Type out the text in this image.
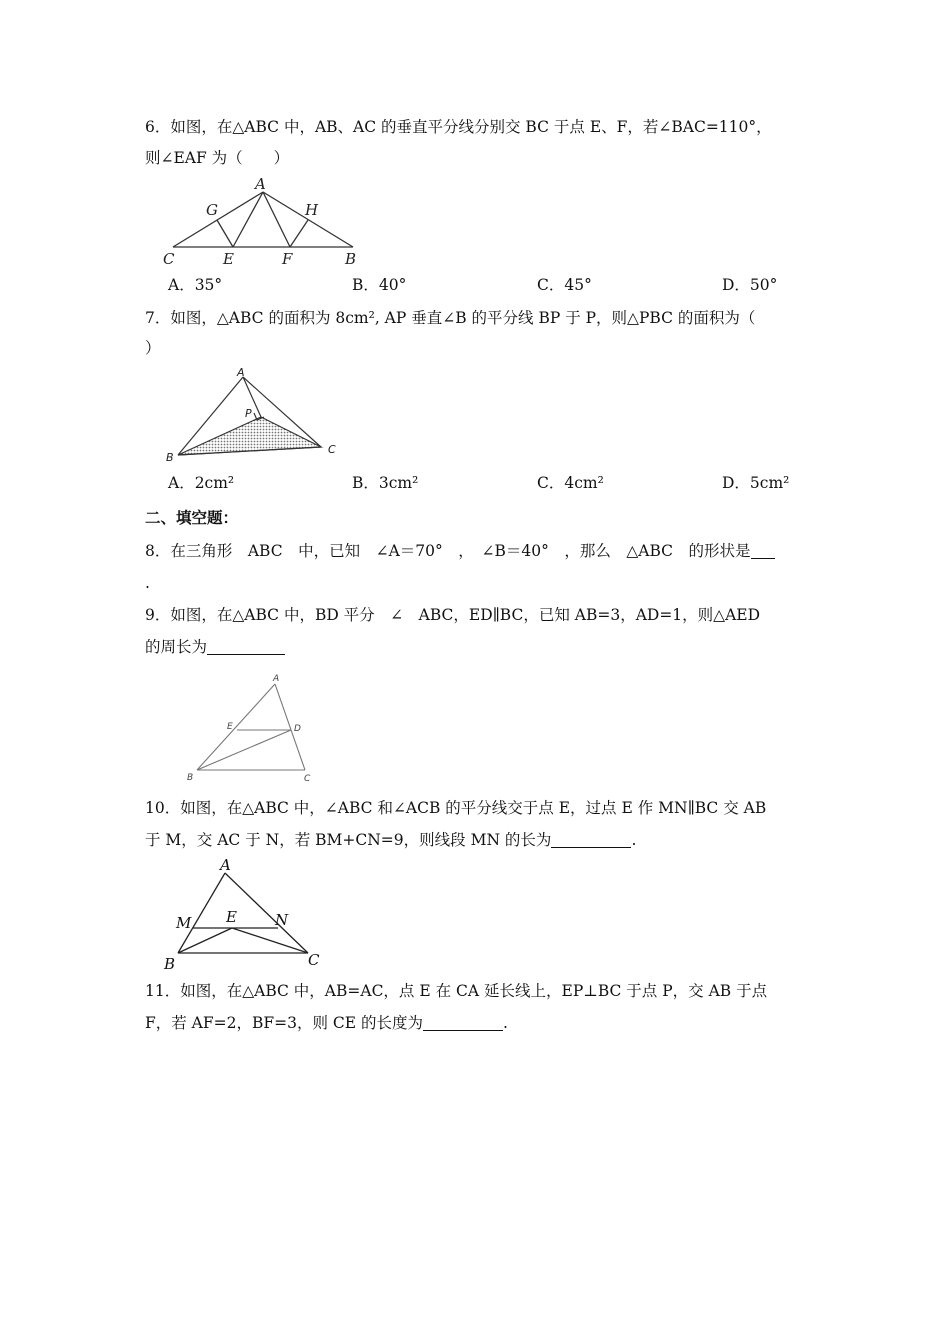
6．如图，在△ABC 中，AB、AC 的垂直平分线分别交 BC 于点 E、F，若∠BAC=110°，
则∠EAF 为（　　）
A
G	H
C	E	F	B
A．35°	B．40°	C．45°	D．50°
7．如图，△ABC 的面积为 8cm², AP 垂直∠B 的平分线 BP 于 P，则△PBC 的面积为（
）
A
P
B
C
A．2cm²	B．3cm²	C．4cm²	D．5cm²
二、填空题：
8．在三角形　ABC　中，已知　∠A＝70°　，　∠B＝40°　，那么　△ABC　的形状是
.
9．如图，在△ABC 中，BD 平分　∠　ABC，ED∥BC，已知 AB=3，AD=1，则△AED
的周长为
A
E	D
B	C
10．如图，在△ABC 中，∠ABC 和∠ACB 的平分线交于点 E，过点 E 作 MN∥BC 交 AB
于 M，交 AC 于 N，若 BM+CN=9，则线段 MN 的长为	.
A
M E	N
B	C
11．如图，在△ABC 中，AB=AC，点 E 在 CA 延长线上，EP⊥BC 于点 P，交 AB 于点
F，若 AF=2，BF=3，则 CE 的长度为	.
